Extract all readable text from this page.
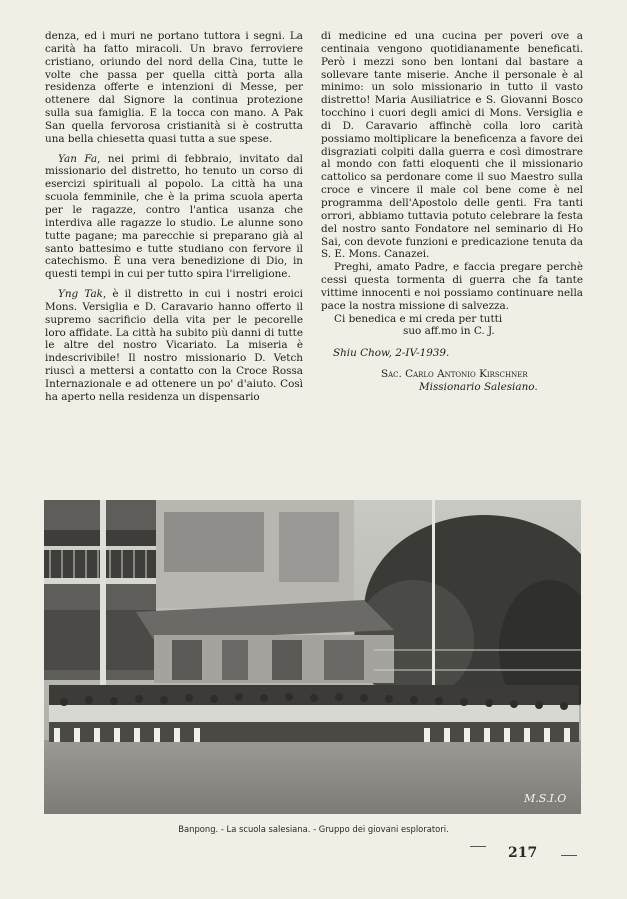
denza, ed i muri ne portano tuttora i segni. La carità ha fatto miracoli. Un bravo ferroviere cristiano, oriundo del nord della Cina, tutte le volte che passa per quella città porta alla residenza offerte e intenzioni di Messe, per ottenere dal Signore la continua protezione sulla sua famiglia. E la tocca con mano. A Pak San quella fervorosa cristianità si è costrutta una bella chiesetta quasi tutta a sue spese.

Yan Fa, nei primi di febbraio, invitato dal missionario del distretto, ho tenuto un corso di esercizi spirituali al popolo. La città ha una scuola femminile, che è la prima scuola aperta per le ragazze, contro l'antica usanza che interdiva alle ragazze lo studio. Le alunne sono tutte pagane; ma parecchie si preparano già al santo battesimo e tutte studiano con fervore il catechismo. È una vera benedizione di Dio, in questi tempi in cui per tutto spira l'irreligione.

Yng Tak, è il distretto in cui i nostri eroici Mons. Versiglia e D. Caravario hanno offerto il supremo sacrificio della vita per le pecorelle loro affidate. La città ha subito più danni di tutte le altre del nostro Vicariato. La miseria è indescrivibile! Il nostro missionario D. Vetch riuscì a mettersi a contatto con la Croce Rossa Internazionale e ad ottenere un po' d'aiuto. Così ha aperto nella residenza un dispensario

di medicine ed una cucina per poveri ove a centinaia vengono quotidianamente beneficati. Però i mezzi sono ben lontani dal bastare a sollevare tante miserie. Anche il personale è al minimo: un solo missionario in tutto il vasto distretto! Maria Ausiliatrice e S. Giovanni Bosco tocchino i cuori degli amici di Mons. Versiglia e di D. Caravario affinchè colla loro carità possiamo moltiplicare la beneficenza a favore dei disgraziati colpiti dalla guerra e così dimostrare al mondo con fatti eloquenti che il missionario cattolico sa perdonare come il suo Maestro sulla croce e vincere il male col bene come è nel programma dell'Apostolo delle genti. Fra tanti orrori, abbiamo tuttavia potuto celebrare la festa del nostro santo Fondatore nel seminario di Ho Sai, con devote funzioni e predicazione tenuta da S. E. Mons. Canazei.

Preghi, amato Padre, e faccia pregare perchè cessi questa tormenta di guerra che fa tante vittime innocenti e noi possiamo continuare nella pace la nostra missione di salvezza.

Ci benedica e mi creda per tutti

suo aff.mo in C. J.
Shiu Chow, 2-IV-1939.
Sac. Carlo Antonio Kirschner
Missionario Salesiano.
M.S.I.O
Banpong. - La scuola salesiana. - Gruppo dei giovani esploratori.
217
